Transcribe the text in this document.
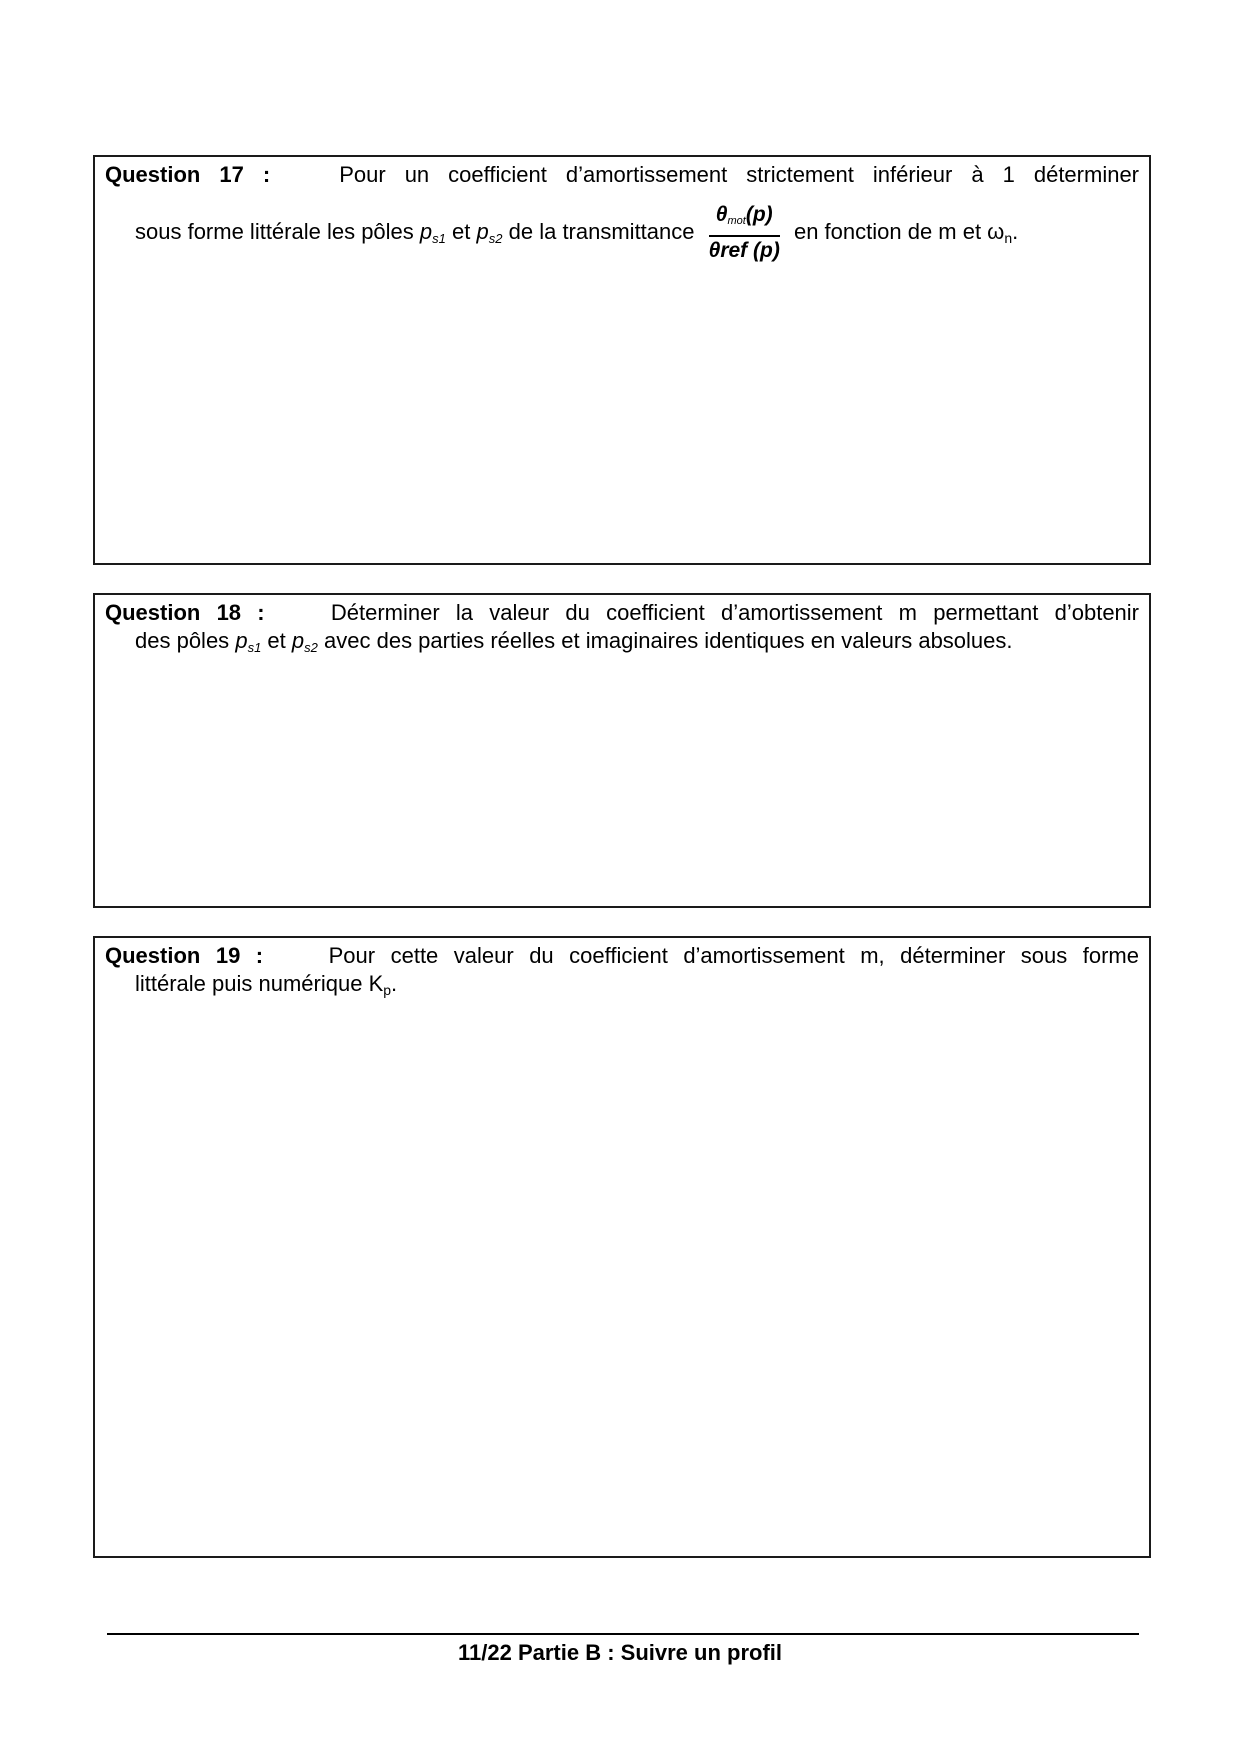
Question 17 :	Pour un coefficient d’amortissement strictement inférieur à 1 déterminer
sous forme littérale les pôles $p_{s1}$ et $p_{s2}$ de la transmittance $\frac{\theta_{mot}(p)}{\text{θref (p)}}$ en fonction de m et $\omega_n$.
Question 18 :	Déterminer la valeur du coefficient d’amortissement m permettant d’obtenir
des pôles $p_{s1}$ et $p_{s2}$ avec des parties réelles et imaginaires identiques en valeurs absolues.
Question 19 :	Pour cette valeur du coefficient d’amortissement m, déterminer sous forme
littérale puis numérique $K_p$.
11/22 Partie B : Suivre un profil
